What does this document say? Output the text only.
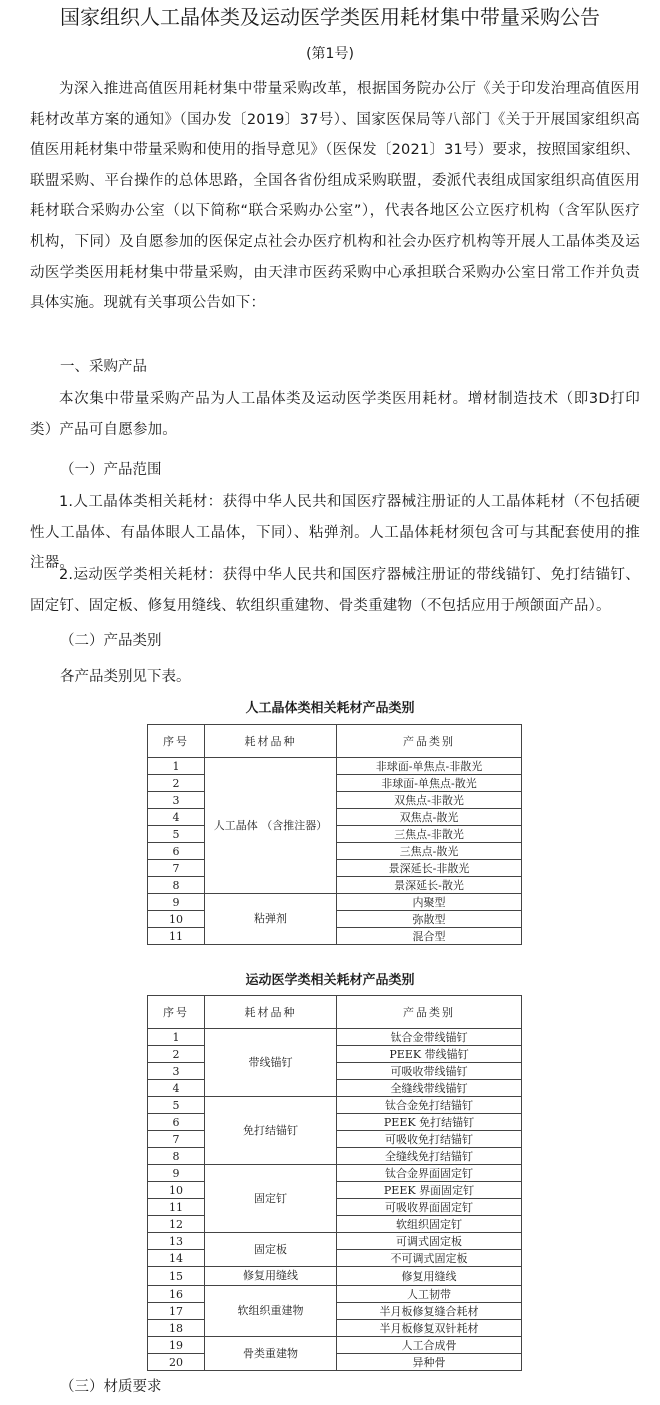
国家组织人工晶体类及运动医学类医用耗材集中带量采购公告
(第1号)
为深入推进高值医用耗材集中带量采购改革，根据国务院办公厅《关于印发治理高值医用耗材改革方案的通知》（国办发〔2019〕37号）、国家医保局等八部门《关于开展国家组织高值医用耗材集中带量采购和使用的指导意见》（医保发〔2021〕31号）要求，按照国家组织、联盟采购、平台操作的总体思路，全国各省份组成采购联盟，委派代表组成国家组织高值医用耗材联合采购办公室（以下简称“联合采购办公室”），代表各地区公立医疗机构（含军队医疗机构，下同）及自愿参加的医保定点社会办医疗机构和社会办医疗机构等开展人工晶体类及运动医学类医用耗材集中带量采购，由天津市医药采购中心承担联合采购办公室日常工作并负责具体实施。现就有关事项公告如下：
一、采购产品
本次集中带量采购产品为人工晶体类及运动医学类医用耗材。增材制造技术（即3D打印类）产品可自愿参加。
（一）产品范围
1.人工晶体类相关耗材：获得中华人民共和国医疗器械注册证的人工晶体耗材（不包括硬性人工晶体、有晶体眼人工晶体，下同）、粘弹剂。人工晶体耗材须包含可与其配套使用的推注器。
2.运动医学类相关耗材：获得中华人民共和国医疗器械注册证的带线锚钉、免打结锚钉、固定钉、固定板、修复用缝线、软组织重建物、骨类重建物（不包括应用于颅颌面产品）。
（二）产品类别
各产品类别见下表。
人工晶体类相关耗材产品类别
序号	耗材品种	产品类别
1	人工晶体 （含推注器）	非球面-单焦点-非散光
2		非球面-单焦点-散光
3		双焦点-非散光
4		双焦点-散光
5		三焦点-非散光
6		三焦点-散光
7		景深延长-非散光
8		景深延长-散光
9	粘弹剂	内聚型
10		弥散型
11		混合型
运动医学类相关耗材产品类别
序号	耗材品种	产品类别
1	带线锚钉	钛合金带线锚钉
2		PEEK 带线锚钉
3		可吸收带线锚钉
4		全缝线带线锚钉
5	免打结锚钉	钛合金免打结锚钉
6		PEEK 免打结锚钉
7		可吸收免打结锚钉
8		全缝线免打结锚钉
9	固定钉	钛合金界面固定钉
10		PEEK 界面固定钉
11		可吸收界面固定钉
12		软组织固定钉
13	固定板	可调式固定板
14		不可调式固定板
15	修复用缝线	修复用缝线
16	软组织重建物	人工韧带
17		半月板修复缝合耗材
18		半月板修复双针耗材
19	骨类重建物	人工合成骨
20		异种骨
（三）材质要求
